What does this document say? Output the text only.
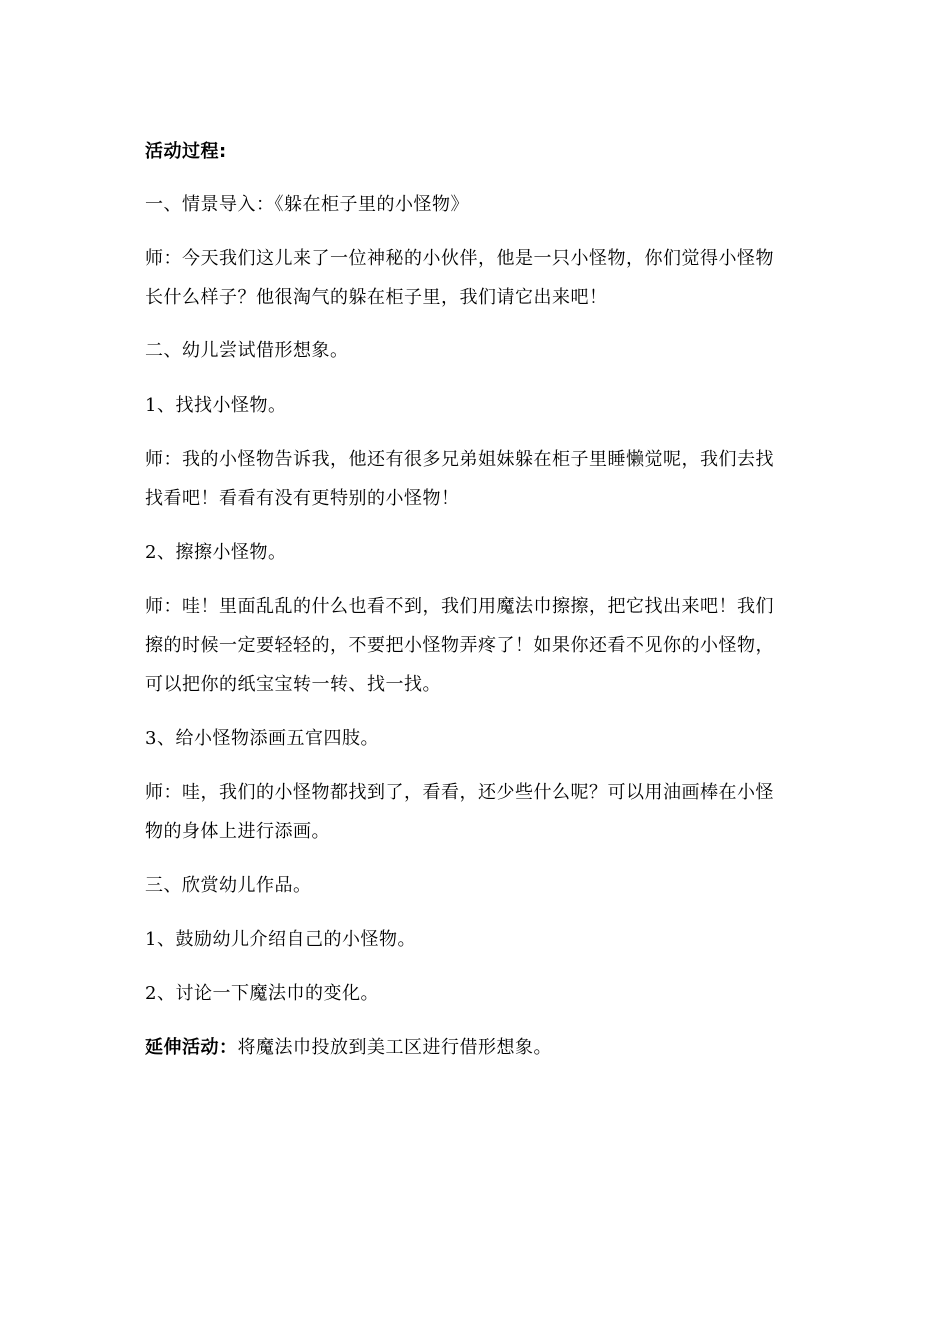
活动过程:
一、情景导入：《躲在柜子里的小怪物》
师：今天我们这儿来了一位神秘的小伙伴，他是一只小怪物，你们觉得小怪物
长什么样子？他很淘气的躲在柜子里，我们请它出来吧！
二、幼儿尝试借形想象。
1、找找小怪物。
师：我的小怪物告诉我，他还有很多兄弟姐妹躲在柜子里睡懒觉呢，我们去找
找看吧！看看有没有更特别的小怪物！
2、擦擦小怪物。
师：哇！里面乱乱的什么也看不到，我们用魔法巾擦擦，把它找出来吧！我们
擦的时候一定要轻轻的，不要把小怪物弄疼了！如果你还看不见你的小怪物，
可以把你的纸宝宝转一转、找一找。
3、给小怪物添画五官四肢。
师：哇，我们的小怪物都找到了，看看，还少些什么呢？可以用油画棒在小怪
物的身体上进行添画。
三、欣赏幼儿作品。
1、鼓励幼儿介绍自己的小怪物。
2、讨论一下魔法巾的变化。
延伸活动：将魔法巾投放到美工区进行借形想象。
